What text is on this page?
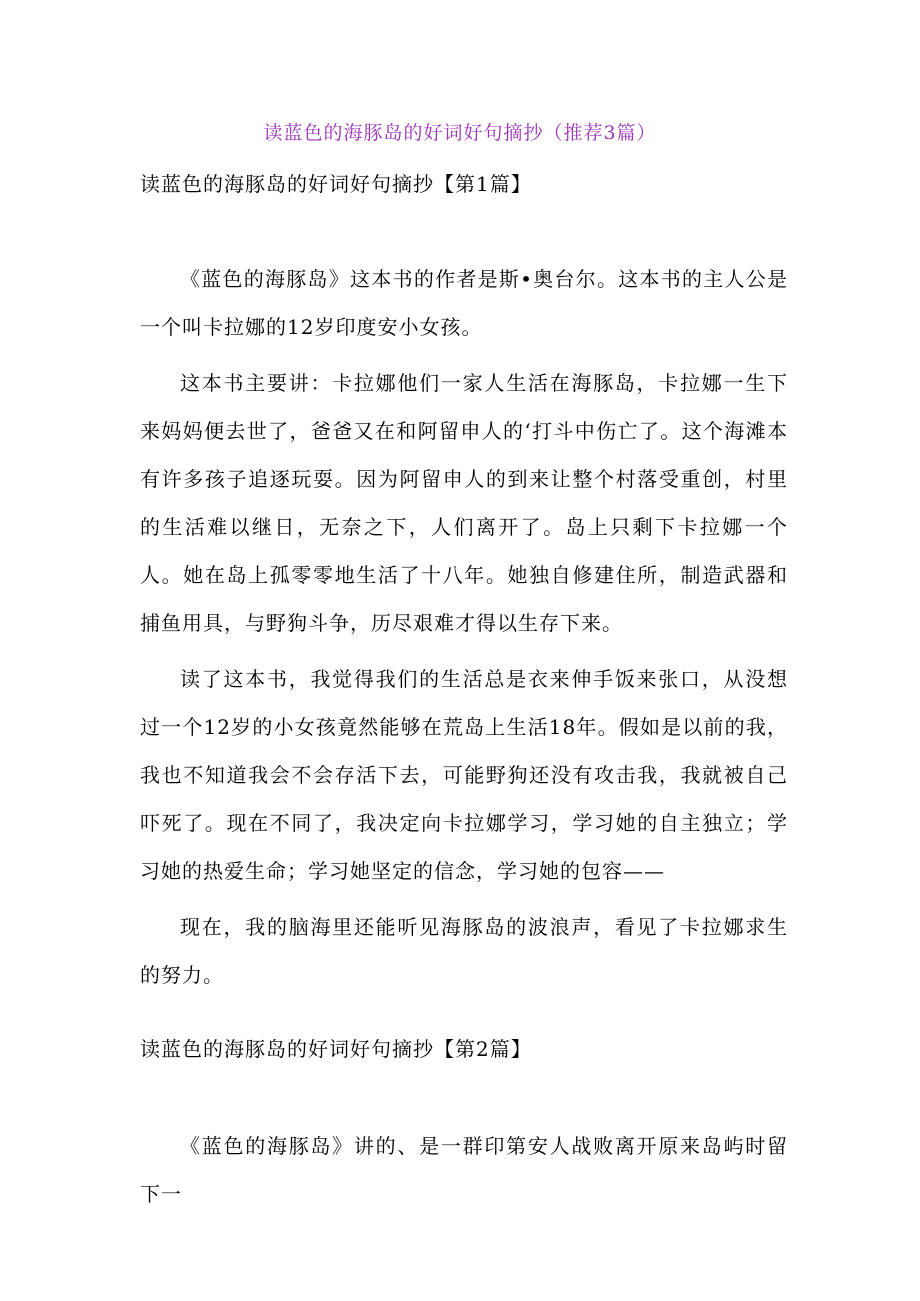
读蓝色的海豚岛的好词好句摘抄（推荐3篇）
读蓝色的海豚岛的好词好句摘抄【第1篇】

《蓝色的海豚岛》这本书的作者是斯•奥台尔。这本书的主人公是一个叫卡拉娜的12岁印度安小女孩。

这本书主要讲：卡拉娜他们一家人生活在海豚岛，卡拉娜一生下来妈妈便去世了，爸爸又在和阿留申人的‘打斗中伤亡了。这个海滩本有许多孩子追逐玩耍。因为阿留申人的到来让整个村落受重创，村里的生活难以继日，无奈之下，人们离开了。岛上只剩下卡拉娜一个人。她在岛上孤零零地生活了十八年。她独自修建住所，制造武器和捕鱼用具，与野狗斗争，历尽艰难才得以生存下来。

读了这本书，我觉得我们的生活总是衣来伸手饭来张口，从没想过一个12岁的小女孩竟然能够在荒岛上生活18年。假如是以前的我，我也不知道我会不会存活下去，可能野狗还没有攻击我，我就被自己吓死了。现在不同了，我决定向卡拉娜学习，学习她的自主独立；学习她的热爱生命；学习她坚定的信念，学习她的包容——

现在，我的脑海里还能听见海豚岛的波浪声，看见了卡拉娜求生的努力。

读蓝色的海豚岛的好词好句摘抄【第2篇】

《蓝色的海豚岛》讲的、是一群印第安人战败离开原来岛屿时留下一
